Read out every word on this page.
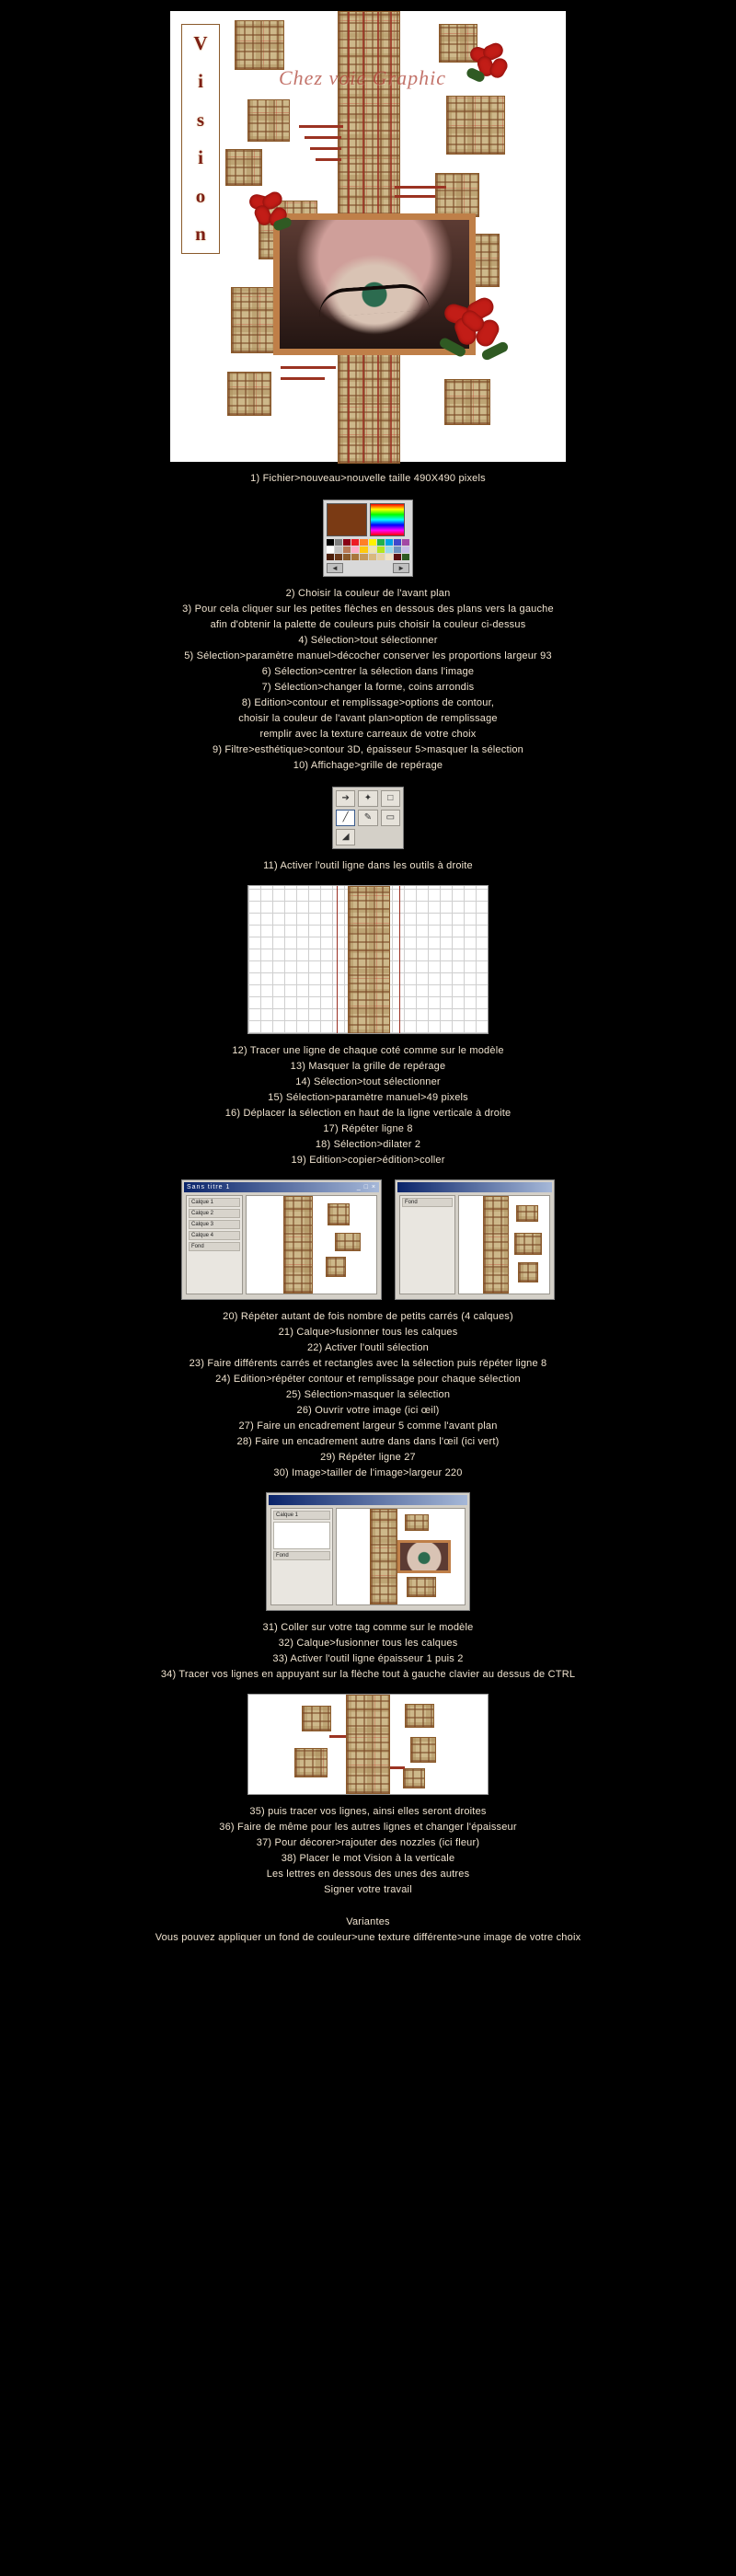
V
i
s
i
o
n
Chez voie Graphic
1) Fichier>nouveau>nouvelle taille 490X490 pixels
◄	►
2) Choisir la couleur de l'avant plan
3) Pour cela cliquer sur les petites flèches en dessous des plans vers la gauche
afin d'obtenir la palette de couleurs puis choisir la couleur ci-dessus
4) Sélection>tout sélectionner
5) Sélection>paramètre manuel>décocher conserver les proportions largeur 93
6) Sélection>centrer la sélection dans l'image
7) Sélection>changer la forme, coins arrondis
8) Edition>contour et remplissage>options de contour,
choisir la couleur de l'avant plan>option de remplissage
remplir avec la texture carreaux de votre choix
9) Filtre>esthétique>contour 3D, épaisseur 5>masquer la sélection
10) Affichage>grille de repérage
➔	✦	□
╱	✎	▭
◢
11) Activer l'outil ligne dans les outils à droite
12) Tracer une ligne de chaque coté comme sur le modèle
13) Masquer la grille de repérage
14) Sélection>tout sélectionner
15) Sélection>paramètre manuel>49 pixels
16) Déplacer la sélection en haut de la ligne verticale à droite
17) Répéter ligne 8
18) Sélection>dilater 2
19) Edition>copier>édition>coller
Sans titre 1	_ □ ×
Calque 1
Calque 2
Calque 3
Calque 4
Fond

Fond
20) Répéter autant de fois nombre de petits carrés (4 calques)
21) Calque>fusionner tous les calques
22) Activer l'outil sélection
23) Faire différents carrés et rectangles avec la sélection puis répéter ligne 8
24) Edition>répéter contour et remplissage pour chaque sélection
25) Sélection>masquer la sélection
26) Ouvrir votre image (ici œil)
27) Faire un encadrement largeur 5 comme l'avant plan
28) Faire un encadrement autre dans dans l'œil (ici vert)
29) Répéter ligne 27
30) Image>tailler de l'image>largeur 220

Calque 1
Fond
31) Coller sur votre tag comme sur le modèle
32) Calque>fusionner tous les calques
33) Activer l'outil ligne épaisseur 1 puis 2
34) Tracer vos lignes en appuyant sur la flèche tout à gauche clavier au dessus de CTRL
35) puis tracer vos lignes, ainsi elles seront droites
36) Faire de même pour les autres lignes et changer l'épaisseur
37) Pour décorer>rajouter des nozzles (ici fleur)
38) Placer le mot Vision à la verticale
Les lettres en dessous des unes des autres
Signer votre travail
Variantes
Vous pouvez appliquer un fond de couleur>une texture différente>une image de votre choix
